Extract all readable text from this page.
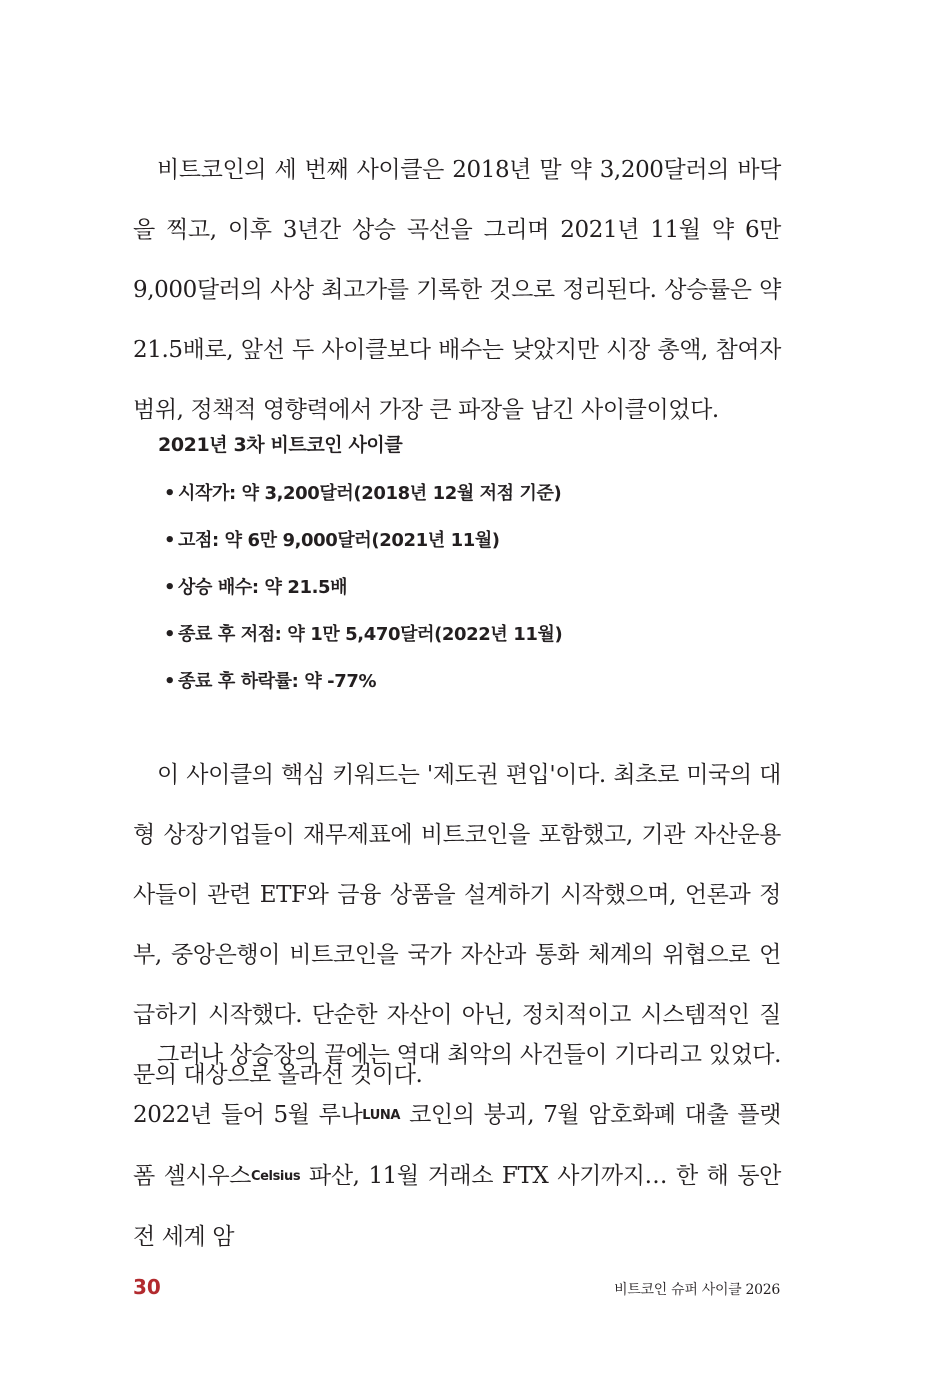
비트코인의 세 번째 사이클은 2018년 말 약 3,200달러의 바닥을 찍고, 이후 3년간 상승 곡선을 그리며 2021년 11월 약 6만 9,000달러의 사상 최고가를 기록한 것으로 정리된다. 상승률은 약 21.5배로, 앞선 두 사이클보다 배수는 낮았지만 시장 총액, 참여자 범위, 정책적 영향력에서 가장 큰 파장을 남긴 사이클이었다.

2021년 3차 비트코인 사이클
• 시작가: 약 3,200달러(2018년 12월 저점 기준)
• 고점: 약 6만 9,000달러(2021년 11월)
• 상승 배수: 약 21.5배
• 종료 후 저점: 약 1만 5,470달러(2022년 11월)
• 종료 후 하락률: 약 -77%

이 사이클의 핵심 키워드는 '제도권 편입'이다. 최초로 미국의 대형 상장기업들이 재무제표에 비트코인을 포함했고, 기관 자산운용사들이 관련 ETF와 금융 상품을 설계하기 시작했으며, 언론과 정부, 중앙은행이 비트코인을 국가 자산과 통화 체계의 위협으로 언급하기 시작했다. 단순한 자산이 아닌, 정치적이고 시스템적인 질문의 대상으로 올라선 것이다.

그러나 상승장의 끝에는 역대 최악의 사건들이 기다리고 있었다. 2022년 들어 5월 루나LUNA 코인의 붕괴, 7월 암호화폐 대출 플랫폼 셀시우스Celsius 파산, 11월 거래소 FTX 사기까지… 한 해 동안 전 세계 암

30	비트코인 슈퍼 사이클 2026
